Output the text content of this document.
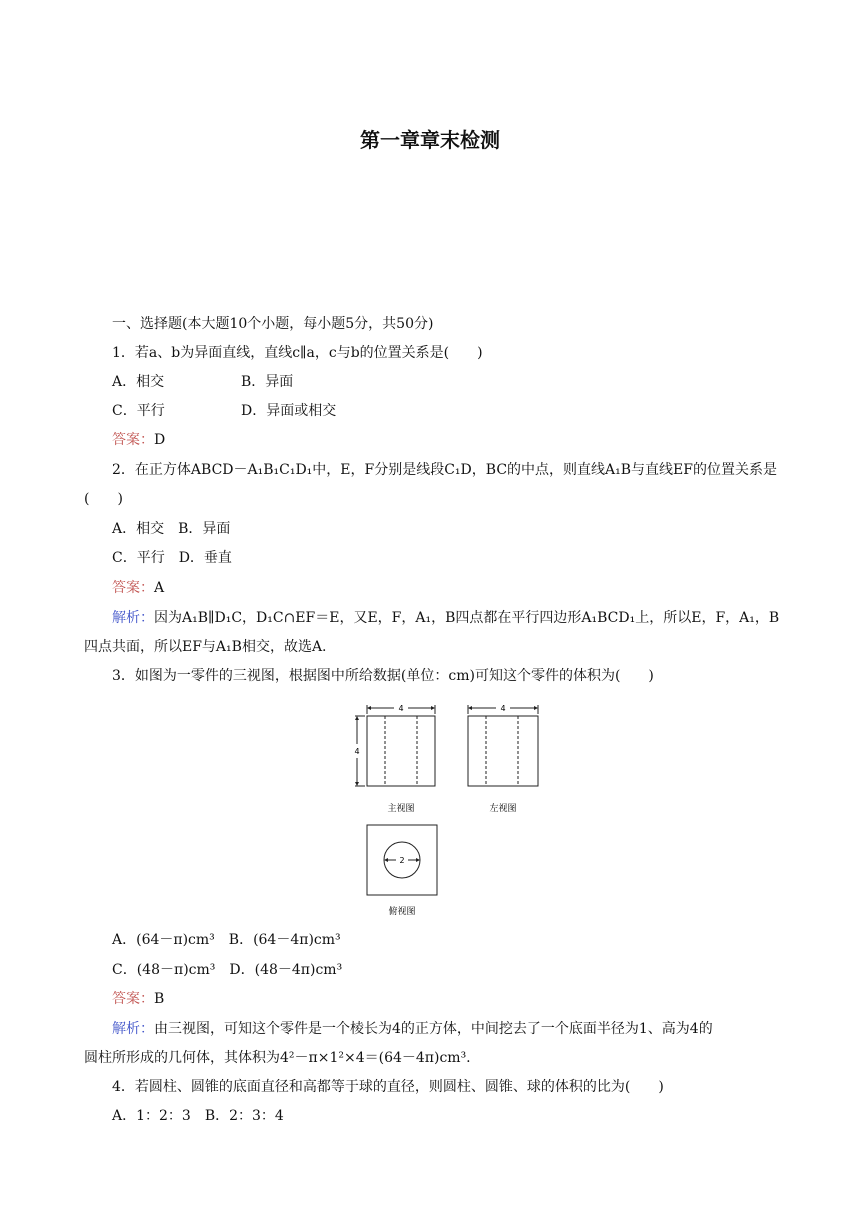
第一章章末检测
一、选择题(本大题10个小题，每小题5分，共50分)
1．若a、b为异面直线，直线c∥a，c与b的位置关系是(　　)
A．相交	B．异面
C．平行	D．异面或相交
答案：D
2．在正方体ABCD－A₁B₁C₁D₁中，E，F分别是线段C₁D，BC的中点，则直线A₁B与直线EF的位置关系是
(　　)
A．相交　B．异面
C．平行　D．垂直
答案：A
解析：因为A₁B∥D₁C，D₁C∩EF＝E，又E，F，A₁，B四点都在平行四边形A₁BCD₁上，所以E，F，A₁，B
四点共面，所以EF与A₁B相交，故选A.
3．如图为一零件的三视图，根据图中所给数据(单位：cm)可知这个零件的体积为(　　)
4
4
主视图
4
左视图
2
俯视图
A．(64－π)cm³　B．(64－4π)cm³
C．(48－π)cm³　D．(48－4π)cm³
答案：B
解析：由三视图，可知这个零件是一个棱长为4的正方体，中间挖去了一个底面半径为1、高为4的
圆柱所形成的几何体，其体积为4²－π×1²×4＝(64－4π)cm³.
4．若圆柱、圆锥的底面直径和高都等于球的直径，则圆柱、圆锥、球的体积的比为(　　)
A．1：2：3　B．2：3：4
